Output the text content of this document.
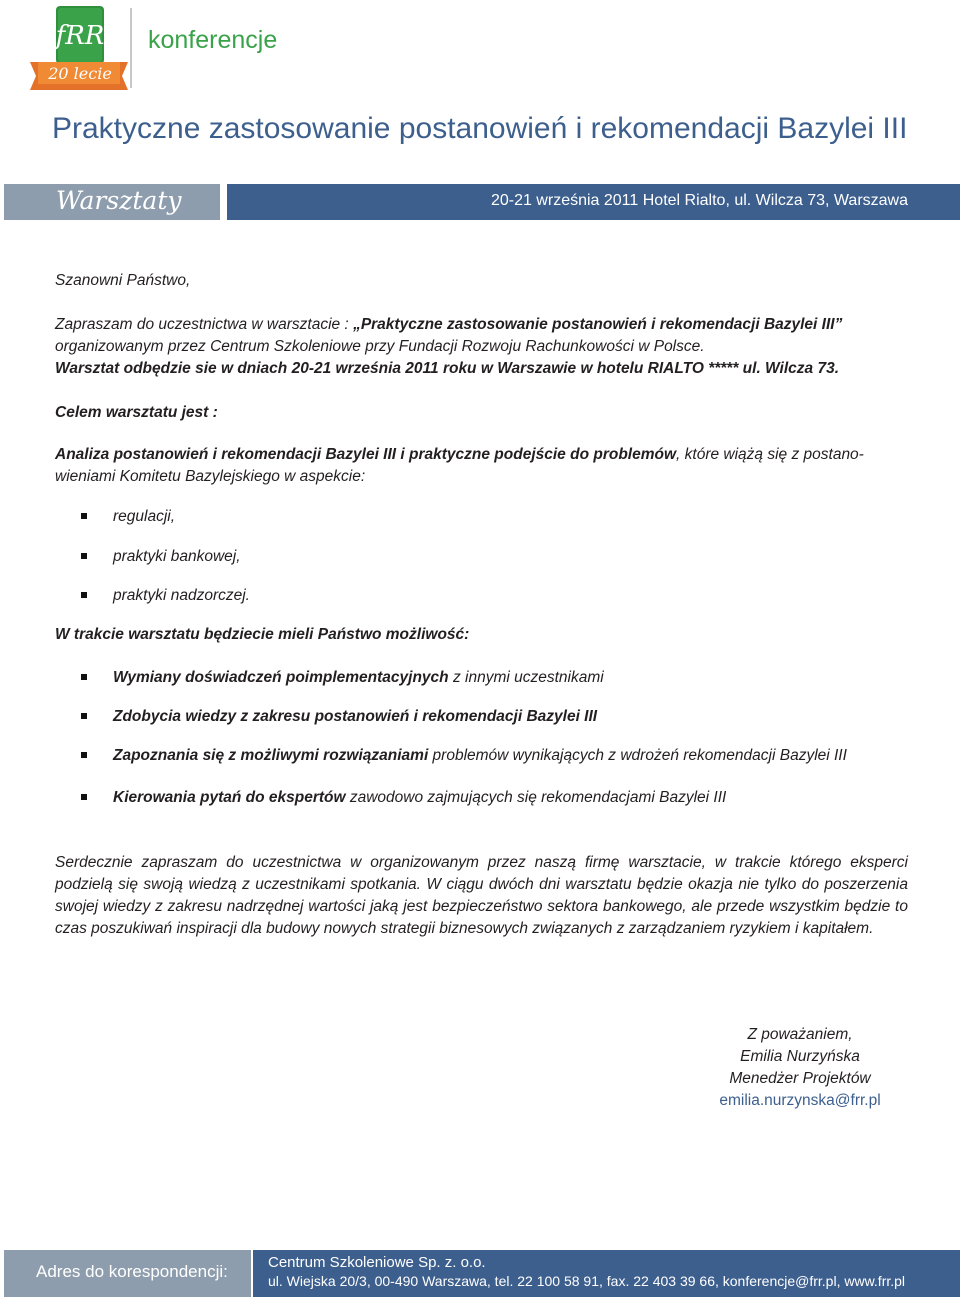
fRR
20 lecie
konferencje
Praktyczne zastosowanie postanowień i rekomendacji Bazylei III
Warsztaty	20-21 września 2011 Hotel Rialto, ul. Wilcza 73, Warszawa
Szanowni Państwo,
Zapraszam do uczestnictwa w warsztacie : „Praktyczne zastosowanie postanowień i rekomendacji Bazylei III”
organizowanym przez Centrum Szkoleniowe przy Fundacji Rozwoju Rachunkowości w Polsce.
Warsztat odbędzie sie w dniach 20-21 września 2011 roku w Warszawie w hotelu RIALTO ***** ul. Wilcza 73.
Celem warsztatu jest :
Analiza postanowień i rekomendacji Bazylei III i praktyczne podejście do problemów, które wiążą się z postano-wieniami Komitetu Bazylejskiego w aspekcie:
regulacji,
praktyki bankowej,
praktyki nadzorczej.
W trakcie warsztatu będziecie mieli Państwo możliwość:
Wymiany doświadczeń poimplementacyjnych z innymi uczestnikami
Zdobycia wiedzy z zakresu postanowień i rekomendacji Bazylei III
Zapoznania się z możliwymi rozwiązaniami problemów wynikających z wdrożeń rekomendacji Bazylei III
Kierowania pytań do ekspertów zawodowo zajmujących się rekomendacjami Bazylei III
Serdecznie zapraszam do uczestnictwa w organizowanym przez naszą firmę warsztacie, w trakcie którego eksperci podzielą się swoją wiedzą z uczestnikami spotkania. W ciągu dwóch dni warsztatu będzie okazja nie tylko do poszerzenia swojej wiedzy z zakresu nadrzędnej wartości jaką jest bezpieczeństwo sektora bankowego, ale przede wszystkim będzie to czas poszukiwań inspiracji dla budowy nowych strategii biznesowych związanych z zarządzaniem ryzykiem i kapitałem.
Z poważaniem,
Emilia Nurzyńska
Menedżer Projektów
emilia.nurzynska@frr.pl
Adres do korespondencji:	Centrum Szkoleniowe Sp. z. o.o.
ul. Wiejska 20/3, 00-490 Warszawa, tel. 22 100 58 91, fax. 22 403 39 66, konferencje@frr.pl, www.frr.pl
